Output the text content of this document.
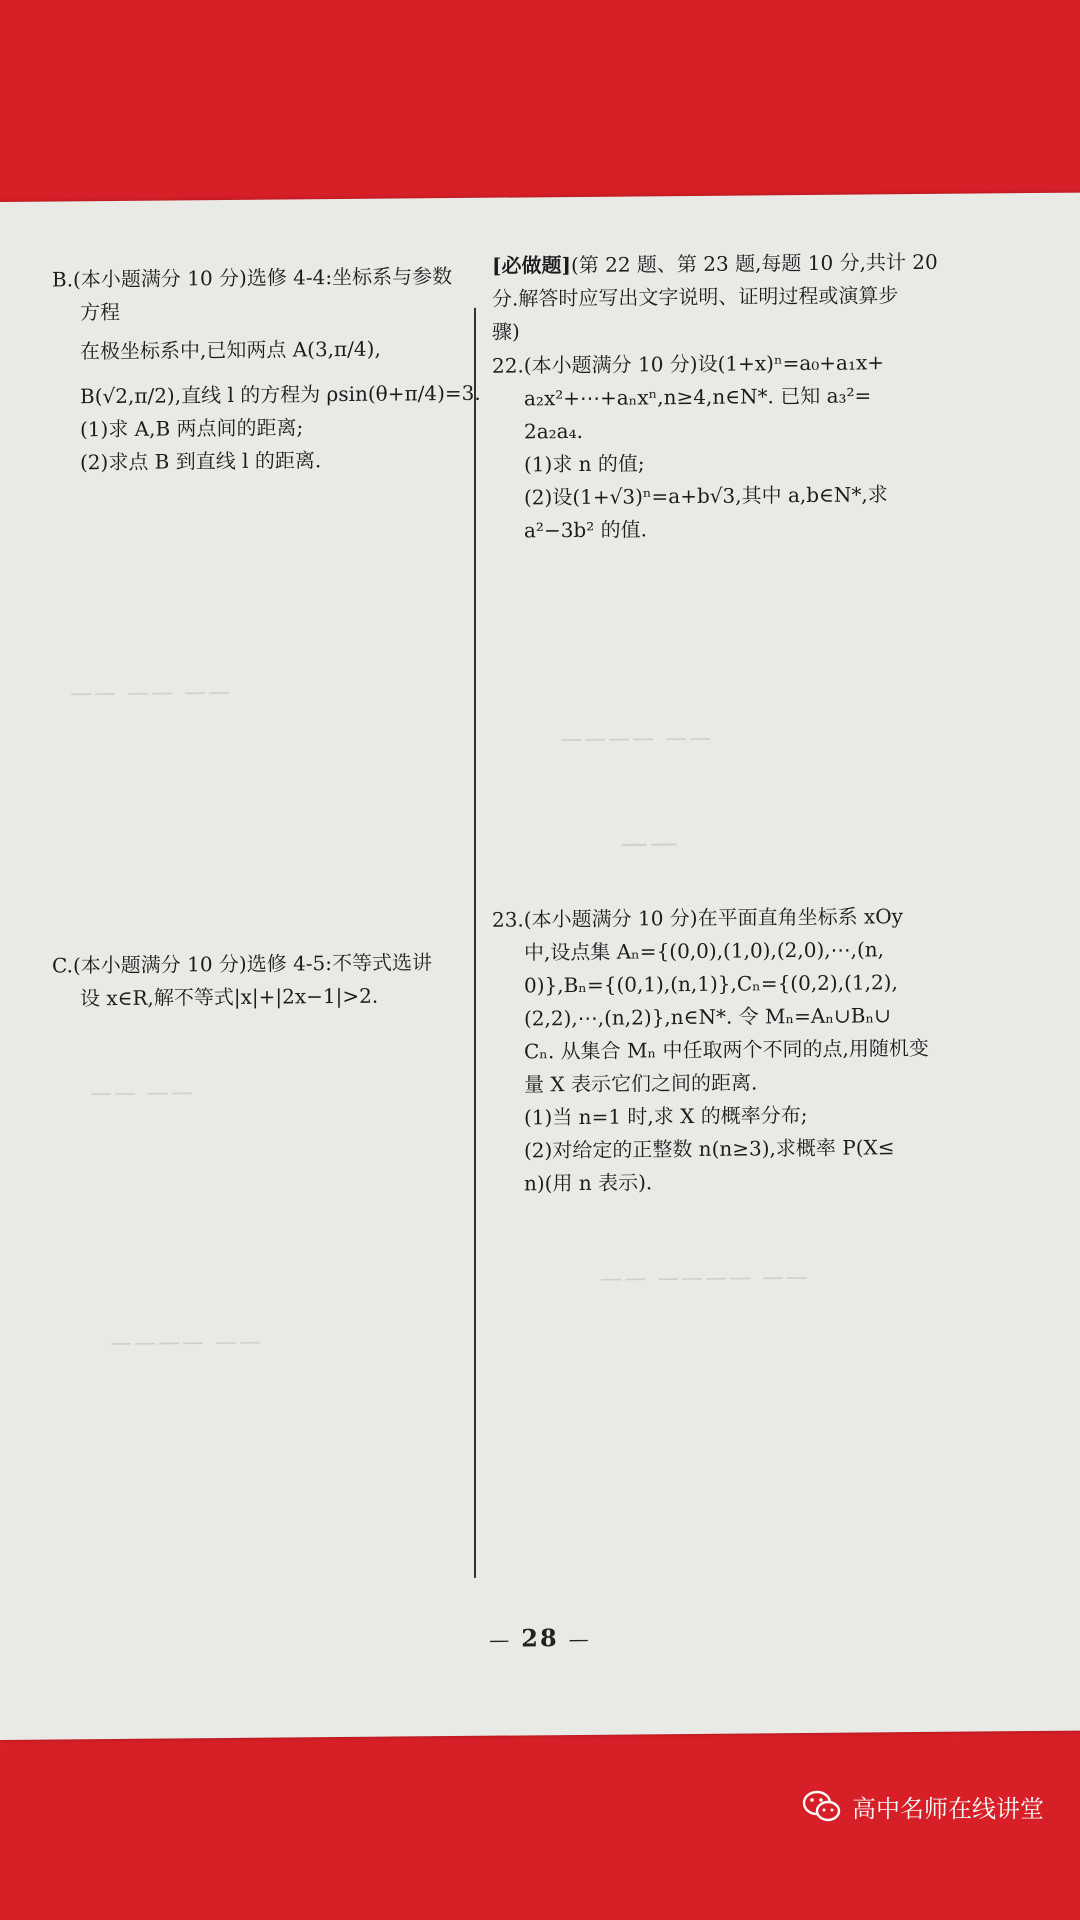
—— —— ——
———— ——
——
—— ——
—— ———— ——
———— ——
B.(本小题满分 10 分)选修 4-4:坐标系与参数
方程
在极坐标系中,已知两点 A(3,π/4),
B(√2,π/2),直线 l 的方程为 ρsin(θ+π/4)=3.
(1)求 A,B 两点间的距离;
(2)求点 B 到直线 l 的距离.
C.(本小题满分 10 分)选修 4-5:不等式选讲
设 x∈R,解不等式|x|+|2x−1|>2.
[必做题](第 22 题、第 23 题,每题 10 分,共计 20
分.解答时应写出文字说明、证明过程或演算步
骤)
22.(本小题满分 10 分)设(1+x)ⁿ=a₀+a₁x+
a₂x²+⋯+aₙxⁿ,n≥4,n∈N*. 已知 a₃²=
2a₂a₄.
(1)求 n 的值;
(2)设(1+√3)ⁿ=a+b√3,其中 a,b∈N*,求
a²−3b² 的值.
23.(本小题满分 10 分)在平面直角坐标系 xOy
中,设点集 Aₙ={(0,0),(1,0),(2,0),⋯,(n,
0)},Bₙ={(0,1),(n,1)},Cₙ={(0,2),(1,2),
(2,2),⋯,(n,2)},n∈N*. 令 Mₙ=Aₙ∪Bₙ∪
Cₙ. 从集合 Mₙ 中任取两个不同的点,用随机变
量 X 表示它们之间的距离.
(1)当 n=1 时,求 X 的概率分布;
(2)对给定的正整数 n(n≥3),求概率 P(X≤
n)(用 n 表示).
— 28 —
高中名师在线讲堂
